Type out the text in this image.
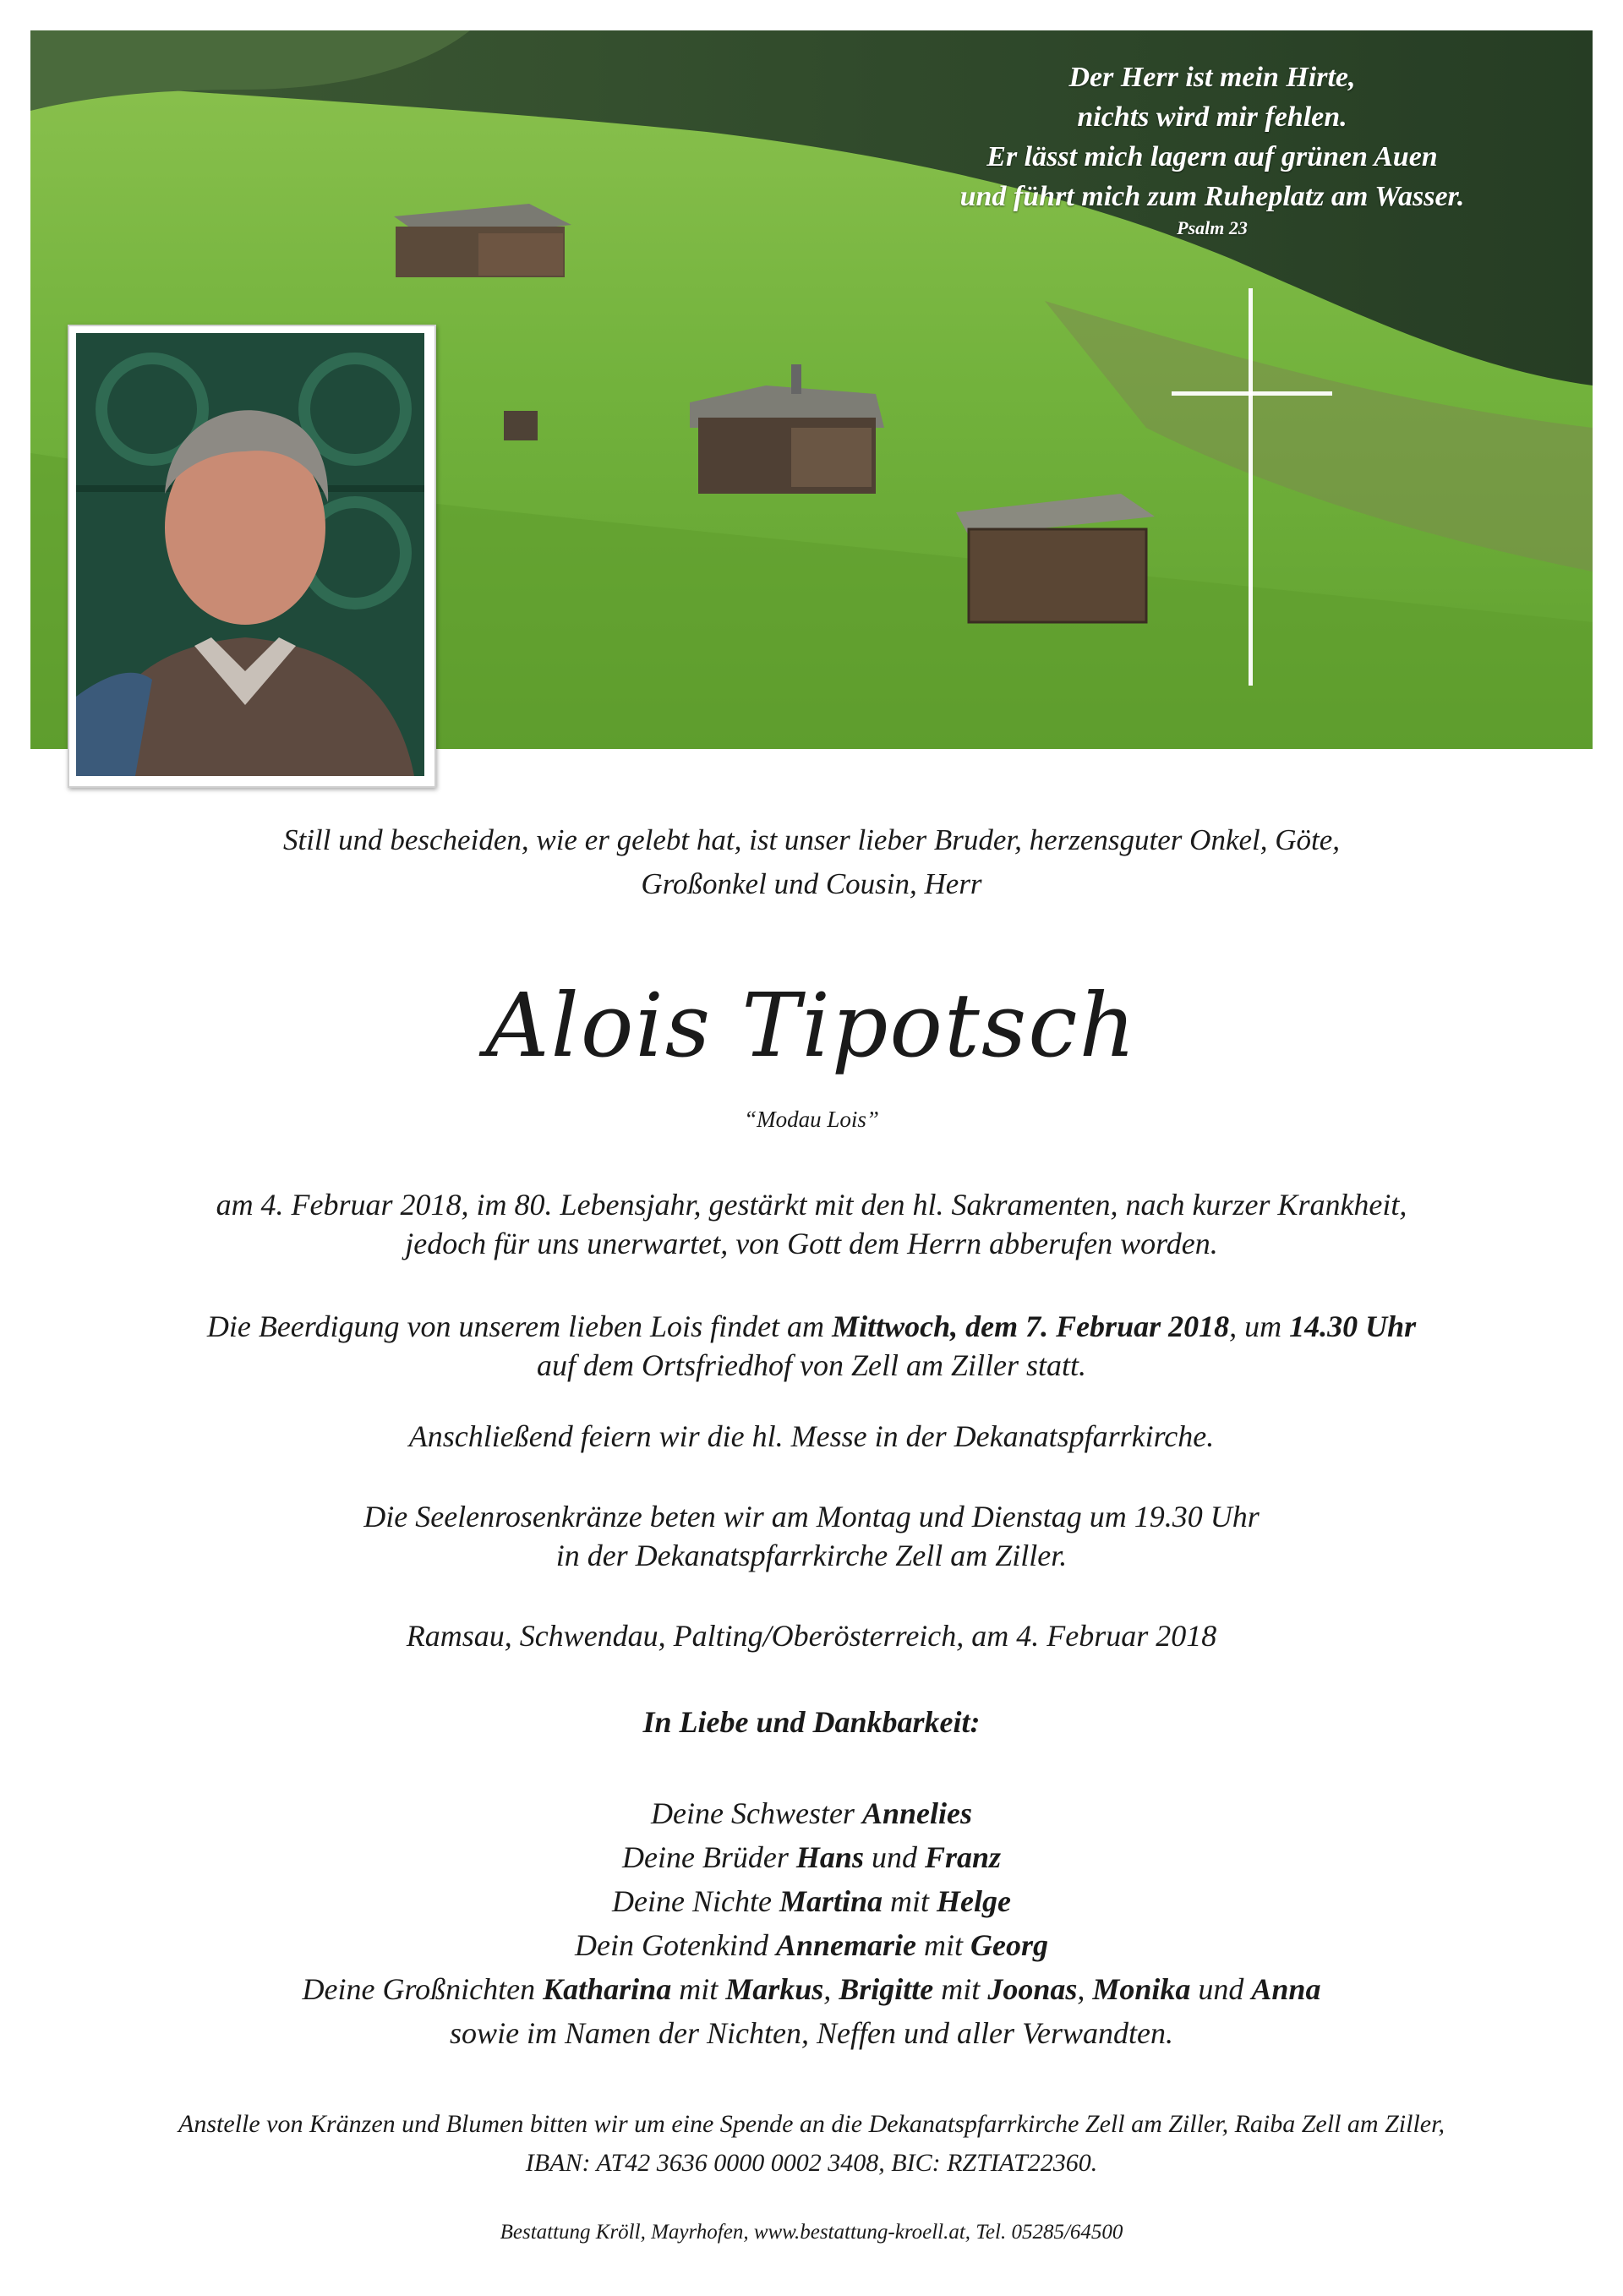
Der Herr ist mein Hirte,
nichts wird mir fehlen.
Er lässt mich lagern auf grünen Auen
und führt mich zum Ruheplatz am Wasser.
Psalm 23
Still und bescheiden, wie er gelebt hat, ist unser lieber Bruder, herzensguter Onkel, Göte,
Großonkel und Cousin, Herr
Alois Tipotsch
“Modau Lois”
am 4. Februar 2018, im 80. Lebensjahr, gestärkt mit den hl. Sakramenten, nach kurzer Krankheit,
jedoch für uns unerwartet, von Gott dem Herrn abberufen worden.
Die Beerdigung von unserem lieben Lois findet am Mittwoch, dem 7. Februar 2018, um 14.30 Uhr
auf dem Ortsfriedhof von Zell am Ziller statt.
Anschließend feiern wir die hl. Messe in der Dekanatspfarrkirche.
Die Seelenrosenkränze beten wir am Montag und Dienstag um 19.30 Uhr
in der Dekanatspfarrkirche Zell am Ziller.
Ramsau, Schwendau, Palting/Oberösterreich, am 4. Februar 2018
In Liebe und Dankbarkeit:
Deine Schwester Annelies
Deine Brüder Hans und Franz
Deine Nichte Martina mit Helge
Dein Gotenkind Annemarie mit Georg
Deine Großnichten Katharina mit Markus, Brigitte mit Joonas, Monika und Anna
sowie im Namen der Nichten, Neffen und aller Verwandten.
Anstelle von Kränzen und Blumen bitten wir um eine Spende an die Dekanatspfarrkirche Zell am Ziller, Raiba Zell am Ziller,
IBAN: AT42 3636 0000 0002 3408, BIC: RZTIAT22360.
Bestattung Kröll, Mayrhofen, www.bestattung-kroell.at, Tel. 05285/64500
